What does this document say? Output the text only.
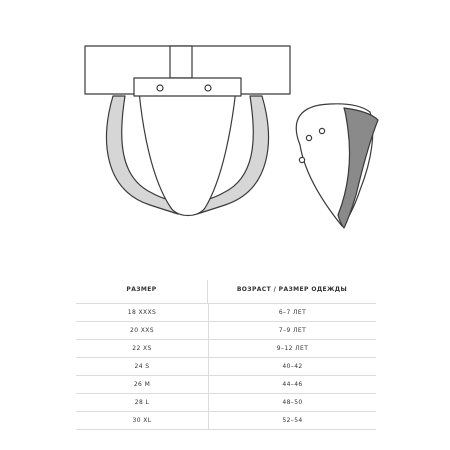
РАЗМЕР	ВОЗРАСТ / РАЗМЕР ОДЕЖДЫ
18 XXXS	6–7 ЛЕТ
20 XXS	7–9 ЛЕТ
22 XS	9–12 ЛЕТ
24 S	40–42
26 M	44–46
28 L	48–50
30 XL	52–54
